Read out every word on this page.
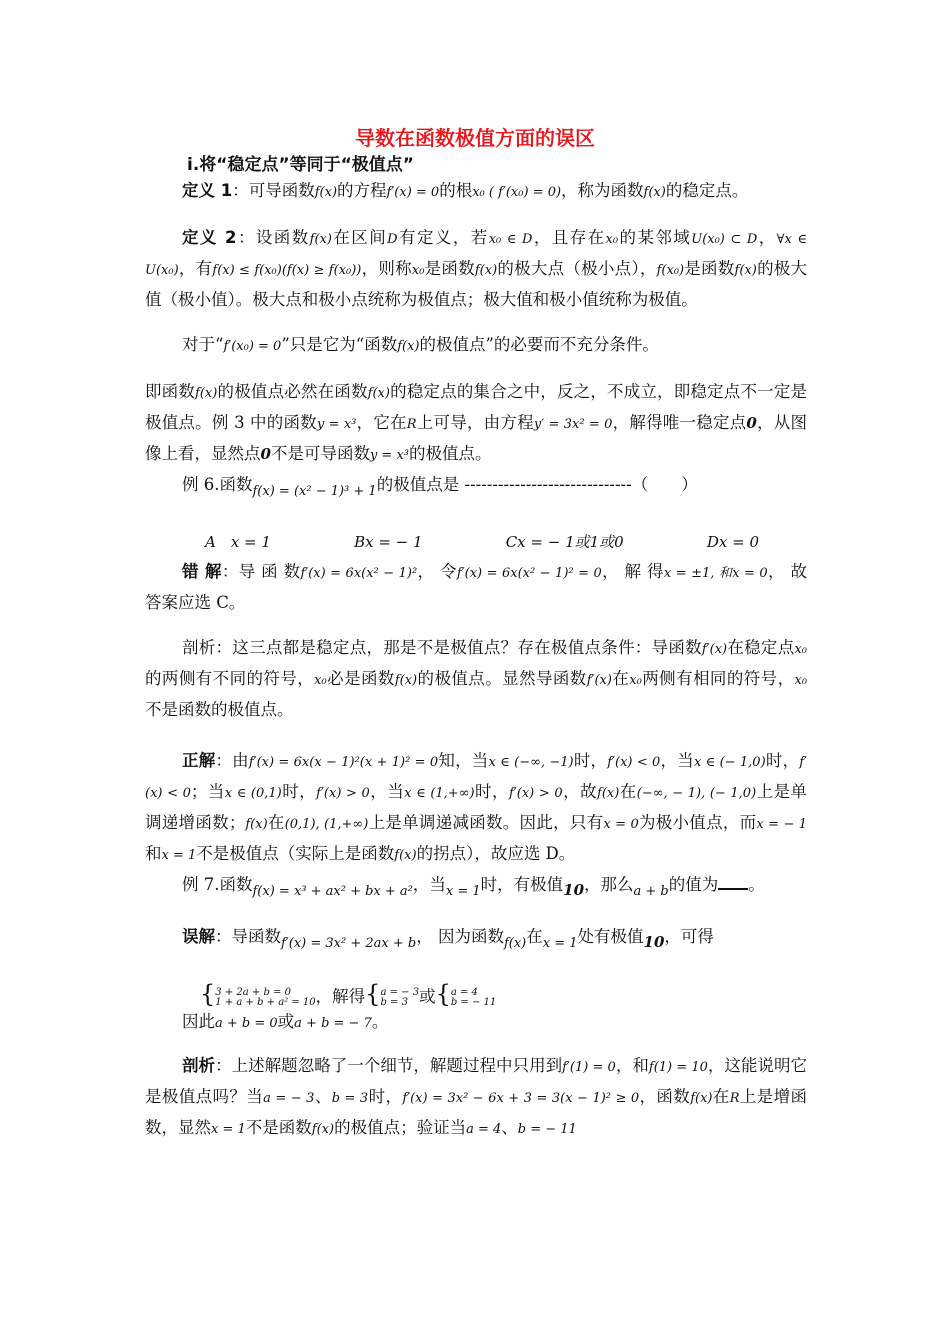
导数在函数极值方面的误区
ⅰ.将“稳定点”等同于“极值点”

定义 1：可导函数f(x)的方程f′(x) = 0的根x₀ ( f′(x₀) = 0)，称为函数f(x)的稳定点。

定义 2：设函数f(x)在区间D有定义，若x₀ ∈ D，且存在x₀的某邻域U(x₀) ⊂ D，∀x ∈ U(x₀)，有f(x) ≤ f(x₀)(f(x) ≥ f(x₀))，则称x₀是函数f(x)的极大点（极小点），f(x₀)是函数f(x)的极大值（极小值）。极大点和极小点统称为极值点；极大值和极小值统称为极值。

对于“f′(x₀) = 0”只是它为“函数f(x)的极值点”的必要而不充分条件。

即函数f(x)的极值点必然在函数f(x)的稳定点的集合之中，反之，不成立，即稳定点不一定是极值点。例 3 中的函数y = x³，它在R上可导，由方程y′ = 3x² = 0，解得唯一稳定点0，从图像上看，显然点0不是可导函数y = x³的极值点。

例 6.函数$_{f(x) = (x^2 - 1)^3 + 1}$的极值点是 ------------------------------（　　）

A　x = 1	Bx = − 1	Cx = − 1或1或0	Dx = 0

错 解：导 函 数f′(x) = 6x(x² − 1)²， 令f′(x) = 6x(x² − 1)² = 0， 解 得x = ±1, 和x = 0， 故答案应选 C。

剖析：这三点都是稳定点，那是不是极值点？存在极值点条件：导函数f′(x)在稳定点x₀的两侧有不同的符号，x₀必是函数f(x)的极值点。显然导函数f′(x)在x₀两侧有相同的符号，x₀不是函数的极值点。

正解：由f′(x) = 6x(x − 1)²(x + 1)² = 0知，当x ∈ (−∞, −1)时，f′(x) < 0，当x ∈ (− 1,0)时，f′(x) < 0；当x ∈ (0,1)时，f′(x) > 0，当x ∈ (1,+∞)时，f′(x) > 0，故f(x)在(−∞, − 1), (− 1,0)上是单调递增函数；f(x)在(0,1), (1,+∞)上是单调递减函数。因此，只有x = 0为极小值点，而x = − 1和x = 1不是极值点（实际上是函数f(x)的拐点），故应选 D。

例 7.函数$_{f(x) = x^3 + ax^2 + bx + a^2}$，当$_{x = 1}$时，有极值10，那么$_{a + b}$的值为 。

误解：导函数$_{f'(x) = 3x^2 + 2ax + b}$， 因为函数$_{f(x)}$在$_{x = 1}$处有极值10，可得

{3 + 2a + b = 0
1 + a + b + a² = 10，解得{a = − 3
b = 3 或{a = 4
b = − 11

因此a + b = 0或a + b = − 7。

剖析：上述解题忽略了一个细节，解题过程中只用到f′(1) = 0，和f(1) = 10，这能说明它是极值点吗？当a = − 3、b = 3时，f′(x) = 3x² − 6x + 3 = 3(x − 1)² ≥ 0，函数f(x)在R上是增函数，显然x = 1不是函数f(x)的极值点；验证当a = 4、b = − 11
